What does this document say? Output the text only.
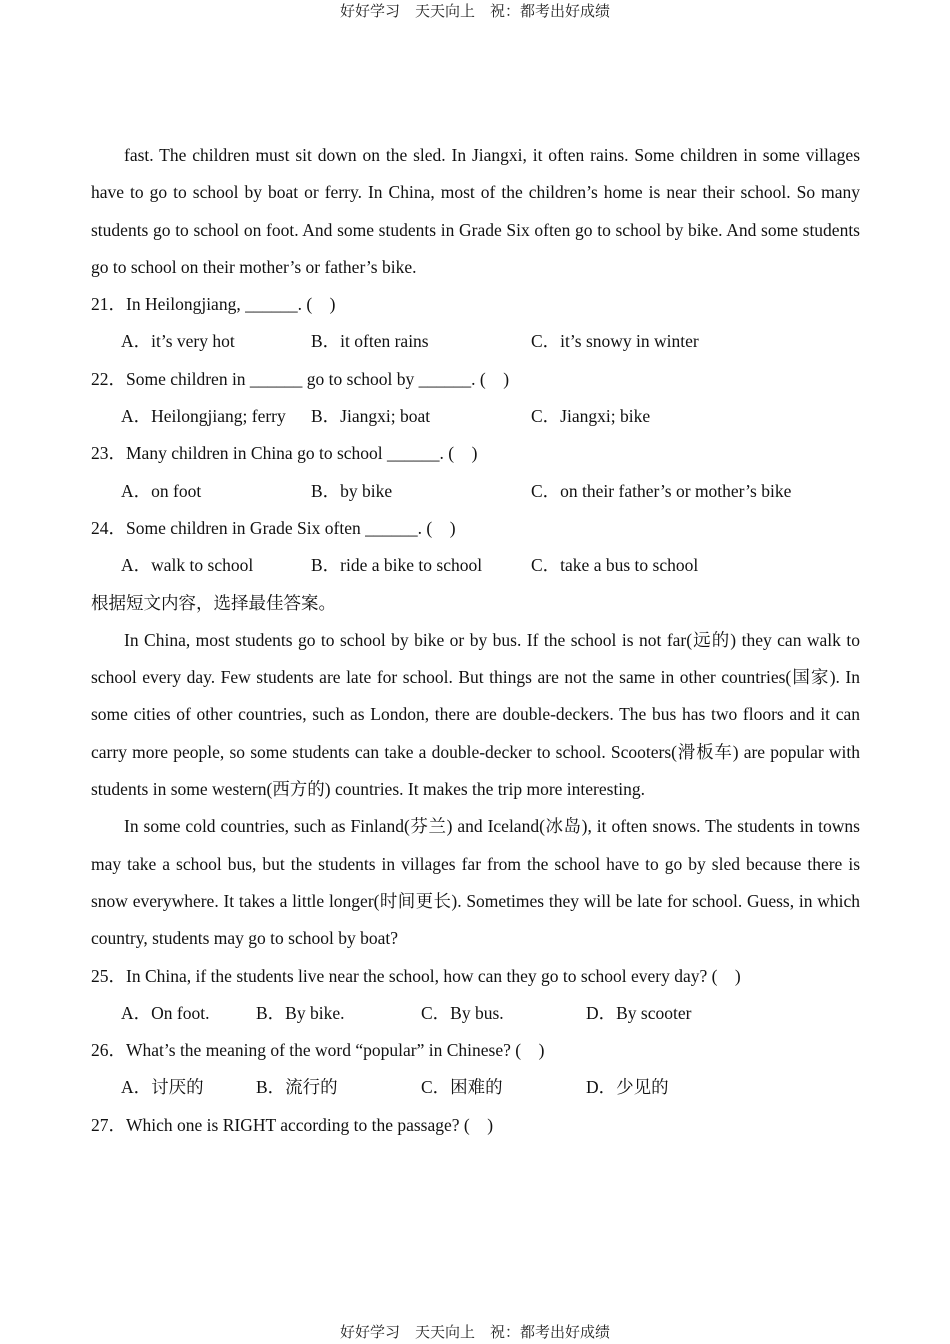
好好学习　天天向上　祝：都考出好成绩

fast. The children must sit down on the sled. In Jiangxi, it often rains. Some children in some villages have to go to school by boat or ferry. In China, most of the children’s home is near their school. So many students go to school on foot. And some students in Grade Six often go to school by bike. And some students go to school on their mother’s or father’s bike.

21．In Heilongjiang, ______. (　)

A．it’s very hot	B．it often rains	C．it’s snowy in winter

22．Some children in ______ go to school by ______. (　)

A．Heilongjiang; ferry B．Jiangxi; boat	C．Jiangxi; bike

23．Many children in China go to school ______. (　)

A．on foot	B．by bike	C．on their father’s or mother’s bike

24．Some children in Grade Six often ______. (　)

A．walk to school	B．ride a bike to school	C．take a bus to school

根据短文内容，选择最佳答案。

In China, most students go to school by bike or by bus. If the school is not far(远的) they can walk to school every day. Few students are late for school. But things are not the same in other countries(国家). In some cities of other countries, such as London, there are double-deckers. The bus has two floors and it can carry more people, so some students can take a double-decker to school. Scooters(滑板车) are popular with students in some western(西方的) countries. It makes the trip more interesting.

In some cold countries, such as Finland(芬兰) and Iceland(冰岛), it often snows. The students in towns may take a school bus, but the students in villages far from the school have to go by sled because there is snow everywhere. It takes a little longer(时间更长). Sometimes they will be late for school. Guess, in which country, students may go to school by boat?

25．In China, if the students live near the school, how can they go to school every day? (　)

A．On foot.	B．By bike.	C．By bus.	D．By scooter

26．What’s the meaning of the word “popular” in Chinese? (　)

A．讨厌的	B．流行的	C．困难的	D．少见的

27．Which one is RIGHT according to the passage? (　)

好好学习　天天向上　祝：都考出好成绩
